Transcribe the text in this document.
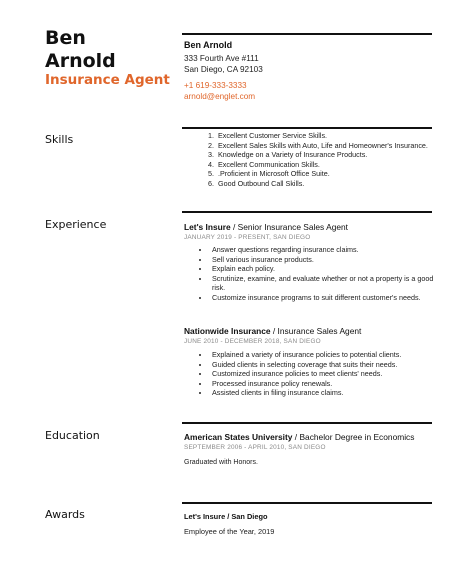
Ben
Arnold
Insurance Agent
Ben Arnold
333 Fourth Ave #111
San Diego, CA 92103
+1 619-333-3333
arnold@englet.com
Skills
Experience
Education
Awards
1. Excellent Customer Service Skills.
2. Excellent Sales Skills with Auto, Life and Homeowner's Insurance.
3. Knowledge on a Variety of Insurance Products.
4. Excellent Communication Skills.
5. .Proficient in Microsoft Office Suite.
6. Good Outbound Call Skills.
Let's Insure / Senior Insurance Sales Agent
JANUARY 2019 - PRESENT, SAN DIEGO
• Answer questions regarding insurance claims.
• Sell various insurance products.
• Explain each policy.
• Scrutinize, examine, and evaluate whether or not a property is a good risk.
• Customize insurance programs to suit different customer's needs.
Nationwide Insurance / Insurance Sales Agent
JUNE 2010 - DECEMBER 2018, SAN DIEGO
• Explained a variety of insurance policies to potential clients.
• Guided clients in selecting coverage that suits their needs.
• Customized insurance policies to meet clients' needs.
• Processed insurance policy renewals.
• Assisted clients in filing insurance claims.
American States University / Bachelor Degree in Economics
SEPTEMBER 2006 - APRIL 2010, SAN DIEGO
Graduated with Honors.
Let's Insure / San Diego
Employee of the Year, 2019
